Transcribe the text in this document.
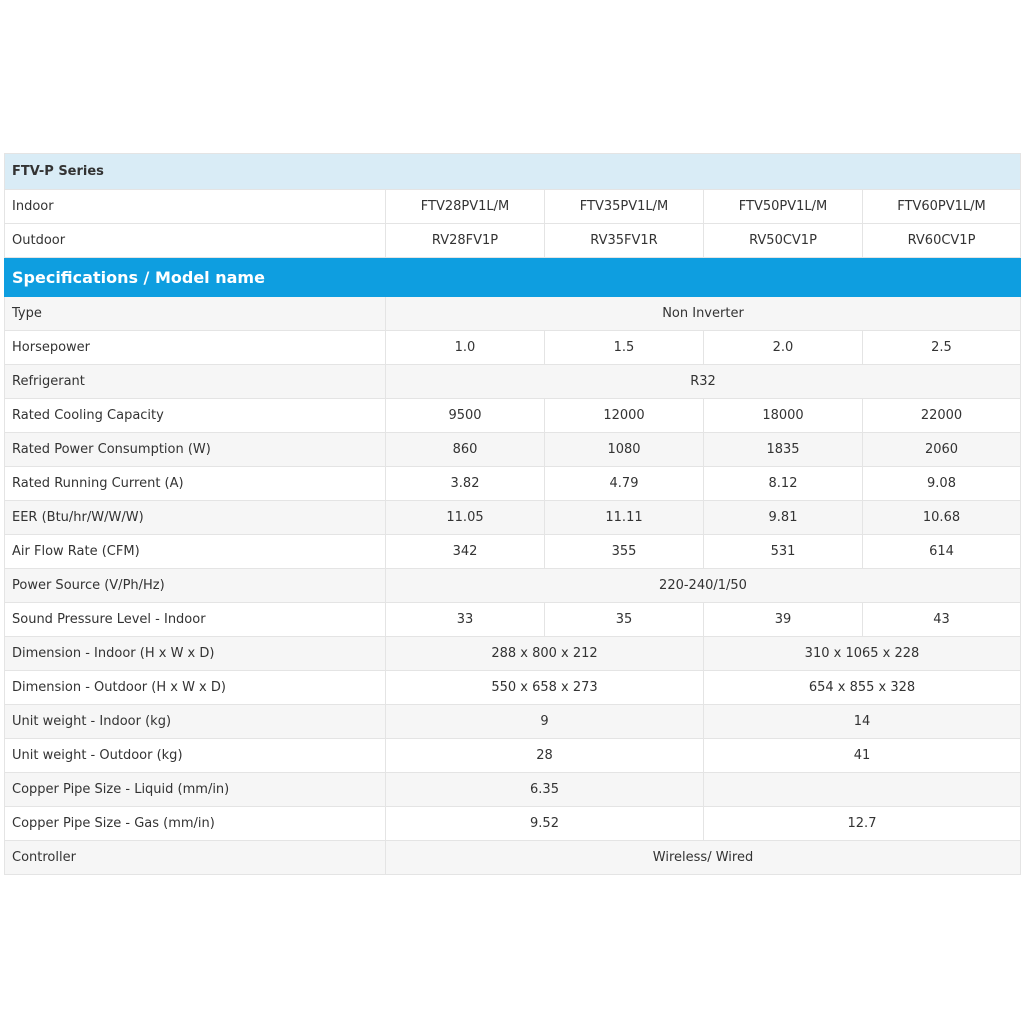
FTV-P Series				
Indoor	FTV28PV1L/M	FTV35PV1L/M	FTV50PV1L/M	FTV60PV1L/M
Outdoor	RV28FV1P	RV35FV1R	RV50CV1P	RV60CV1P
Specifications / Model name				
Type	Non Inverter			
Horsepower	1.0	1.5	2.0	2.5
Refrigerant	R32			
Rated Cooling Capacity	9500	12000	18000	22000
Rated Power Consumption (W)	860	1080	1835	2060
Rated Running Current (A)	3.82	4.79	8.12	9.08
EER (Btu/hr/W/W/W)	11.05	11.11	9.81	10.68
Air Flow Rate (CFM)	342	355	531	614
Power Source (V/Ph/Hz)	220-240/1/50			
Sound Pressure Level - Indoor	33	35	39	43
Dimension - Indoor (H x W x D)	288 x 800 x 212		310 x 1065 x 228	
Dimension - Outdoor (H x W x D)	550 x 658 x 273		654 x 855 x 328	
Unit weight - Indoor (kg)	9		14	
Unit weight - Outdoor (kg)	28		41	
Copper Pipe Size - Liquid (mm/in)	6.35			
Copper Pipe Size - Gas (mm/in)	9.52		12.7	
Controller	Wireless/ Wired			
